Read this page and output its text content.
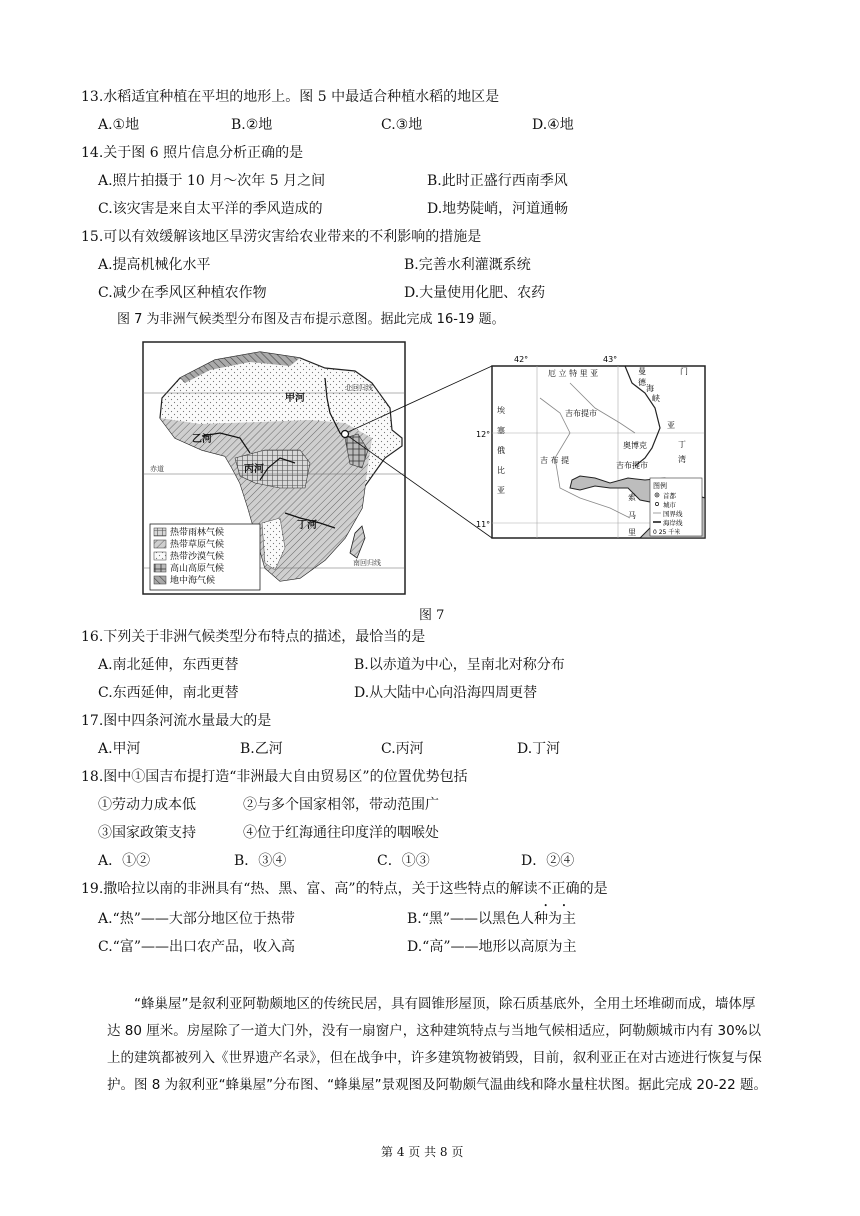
13.水稻适宜种植在平坦的地形上。图 5 中最适合种植水稻的地区是
A.①地	B.②地	C.③地	D.④地
14.关于图 6 照片信息分析正确的是
A.照片拍摄于 10 月～次年 5 月之间	B.此时正盛行西南季风
C.该灾害是来自太平洋的季风造成的	D.地势陡峭，河道通畅
15.可以有效缓解该地区旱涝灾害给农业带来的不利影响的措施是
A.提高机械化水平	B.完善水利灌溉系统
C.减少在季风区种植农作物	D.大量使用化肥、农药
图 7 为非洲气候类型分布图及吉布提示意图。据此完成 16-19 题。
北回归线
赤道
南回归线
甲河
乙河
丙河
丁河
热带雨林气候
热带草原气候
热带沙漠气候
高山高原气候
地中海气候
42°	43°
12°
11°
厄 立 特 里 亚	曼
德
海
峡
门
吉布提市
吉 布 提
奥博克
吉布提市
亚
丁
湾
埃
塞
俄
比
亚
索
马
里
图例
首都
城市
国界线
海岸线
0 25 千米
图 7
16.下列关于非洲气候类型分布特点的描述，最恰当的是
A.南北延伸，东西更替	B.以赤道为中心，呈南北对称分布
C.东西延伸，南北更替	D.从大陆中心向沿海四周更替
17.图中四条河流水量最大的是
A.甲河	B.乙河	C.丙河	D.丁河
18.图中①国吉布提打造“非洲最大自由贸易区”的位置优势包括
①劳动力成本低	②与多个国家相邻，带动范围广
③国家政策支持	④位于红海通往印度洋的咽喉处
A．①②	B．③④	C．①③	D．②④
19.撒哈拉以南的非洲具有“热、黑、富、高”的特点，关于这些特点的解读不正确 • •的是
A.“热”——大部分地区位于热带	B.“黑”——以黑色人种为主
C.“富”——出口农产品，收入高	D.“高”——地形以高原为主
“蜂巢屋”是叙利亚阿勒颇地区的传统民居，具有圆锥形屋顶，除石质基底外，全用土坯堆砌而成，墙体厚达 80 厘米。房屋除了一道大门外，没有一扇窗户，这种建筑特点与当地气候相适应，阿勒颇城市内有 30%以上的建筑都被列入《世界遗产名录》，但在战争中，许多建筑物被销毁，目前，叙利亚正在对古迹进行恢复与保护。图 8 为叙利亚“蜂巢屋”分布图、“蜂巢屋”景观图及阿勒颇气温曲线和降水量柱状图。据此完成 20-22 题。
第 4 页 共 8 页
